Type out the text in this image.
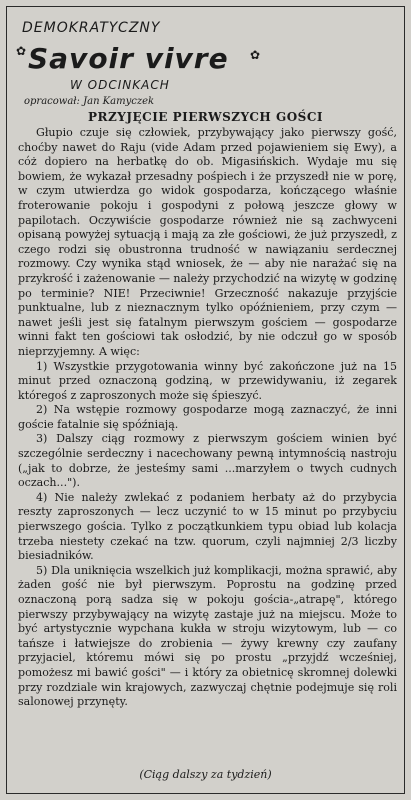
DEMOKRATYCZNY
✿ Savoir vivre ✿
W ODCINKACH
opracował: Jan Kamyczek
PRZYJĘCIE PIERWSZYCH GOŚCI

Głupio czuje się człowiek, przybywający jako pierwszy gość, choćby nawet do Raju (vide Adam przed pojawieniem się Ewy), a cóż dopiero na herbatkę do ob. Migasińskich. Wydaje mu się bowiem, że wykazał przesadny pośpiech i że przyszedł nie w porę, w czym utwierdza go widok gospodarza, kończącego właśnie froterowanie pokoju i gospodyni z połową jeszcze głowy w papilotach. Oczywiście gospodarze również nie są zachwyceni opisaną powyżej sytuacją i mają za złe gościowi, że już przyszedł, z czego rodzi się obustronna trudność w nawiązaniu serdecznej rozmowy. Czy wynika stąd wniosek, że — aby nie narażać się na przykrość i zażenowanie — należy przychodzić na wizytę w godzinę po terminie? NIE! Przeciwnie! Grzeczność nakazuje przyjście punktualne, lub z nieznacznym tylko opóźnieniem, przy czym — nawet jeśli jest się fatalnym pierwszym gościem — gospodarze winni fakt ten gościowi tak osłodzić, by nie odczuł go w sposób nieprzyjemny. A więc:

1) Wszystkie przygotowania winny być zakończone już na 15 minut przed oznaczoną godziną, w przewidywaniu, iż zegarek któregoś z zaproszonych może się śpieszyć.

2) Na wstępie rozmowy gospodarze mogą zaznaczyć, że inni goście fatalnie się spóźniają.

3) Dalszy ciąg rozmowy z pierwszym gościem winien być szczególnie serdeczny i nacechowany pewną intymnością nastroju („jak to dobrze, że jesteśmy sami ...marzyłem o twych cudnych oczach...").

4) Nie należy zwlekać z podaniem herbaty aż do przybycia reszty zaproszonych — lecz uczynić to w 15 minut po przybyciu pierwszego gościa. Tylko z początkunkiem typu obiad lub kolacja trzeba niestety czekać na tzw. quorum, czyli najmniej 2/3 liczby biesiadników.

5) Dla uniknięcia wszelkich już komplikacji, można sprawić, aby żaden gość nie był pierwszym. Poprostu na godzinę przed oznaczoną porą sadza się w pokoju gościa-„atrapę", którego pierwszy przybywający na wizytę zastaje już na miejscu. Może to być artystycznie wypchana kukła w stroju wizytowym, lub — co tańsze i łatwiejsze do zrobienia — żywy krewny czy zaufany przyjaciel, któremu mówi się po prostu „przyjdź wcześniej, pomożesz mi bawić gości" — i który za obietnicę skromnej dolewki przy rozdziale win krajowych, zazwyczaj chętnie podejmuje się roli salonowej przynęty.

(Ciąg dalszy za tydzień)
